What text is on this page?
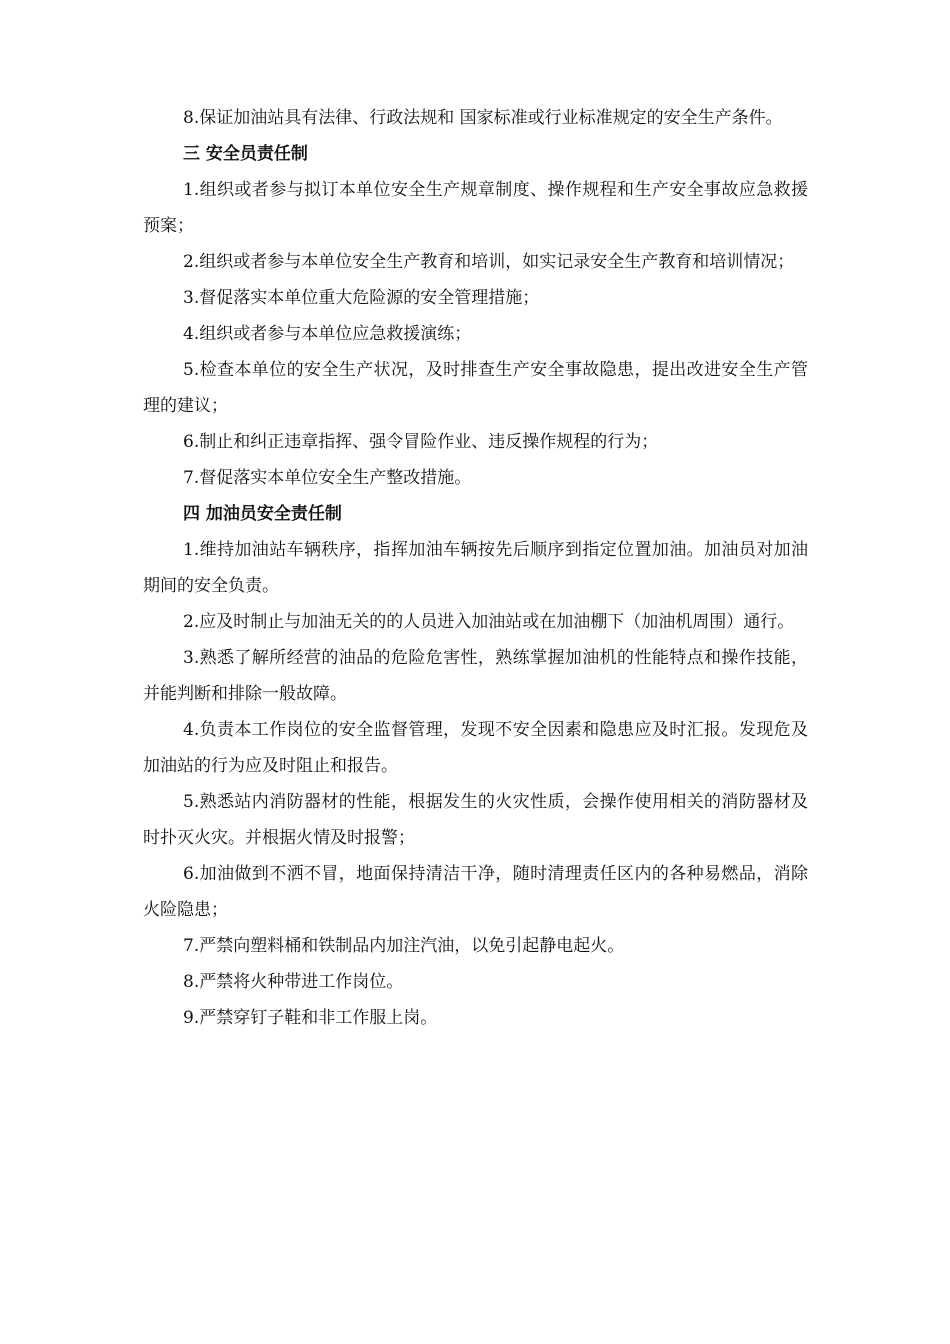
8.保证加油站具有法律、行政法规和 国家标准或行业标准规定的安全生产条件。

三 安全员责任制

1.组织或者参与拟订本单位安全生产规章制度、操作规程和生产安全事故应急救援预案；

2.组织或者参与本单位安全生产教育和培训，如实记录安全生产教育和培训情况；

3.督促落实本单位重大危险源的安全管理措施；

4.组织或者参与本单位应急救援演练；

5.检查本单位的安全生产状况，及时排查生产安全事故隐患，提出改进安全生产管理的建议；

6.制止和纠正违章指挥、强令冒险作业、违反操作规程的行为；

7.督促落实本单位安全生产整改措施。

四 加油员安全责任制

1.维持加油站车辆秩序，指挥加油车辆按先后顺序到指定位置加油。加油员对加油期间的安全负责。

2.应及时制止与加油无关的的人员进入加油站或在加油棚下（加油机周围）通行。

3.熟悉了解所经营的油品的危险危害性，熟练掌握加油机的性能特点和操作技能，并能判断和排除一般故障。

4.负责本工作岗位的安全监督管理，发现不安全因素和隐患应及时汇报。发现危及加油站的行为应及时阻止和报告。

5.熟悉站内消防器材的性能，根据发生的火灾性质，会操作使用相关的消防器材及时扑灭火灾。并根据火情及时报警；

6.加油做到不洒不冒，地面保持清洁干净，随时清理责任区内的各种易燃品，消除火险隐患；

7.严禁向塑料桶和铁制品内加注汽油，以免引起静电起火。

8.严禁将火种带进工作岗位。

9.严禁穿钉子鞋和非工作服上岗。
